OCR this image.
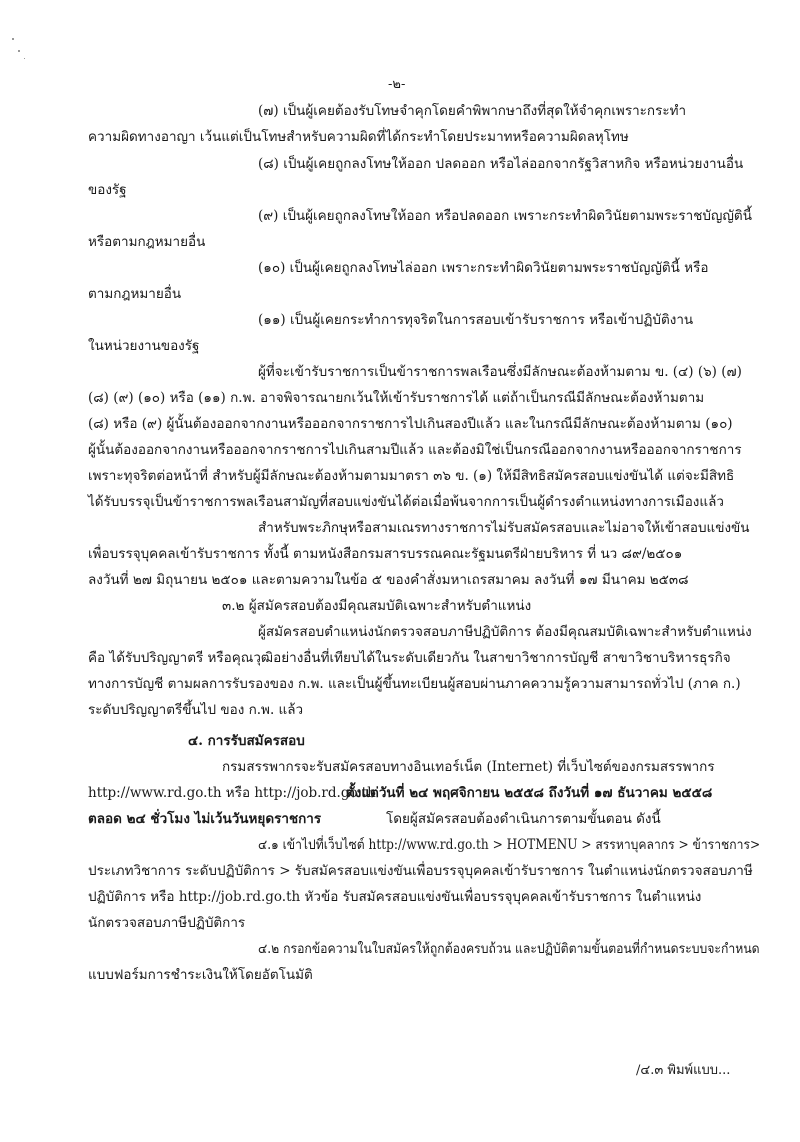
-๒-
(๗) เป็นผู้เคยต้องรับโทษจำคุกโดยคำพิพากษาถึงที่สุดให้จำคุกเพราะกระทำ
ความผิดทางอาญา เว้นแต่เป็นโทษสำหรับความผิดที่ได้กระทำโดยประมาทหรือความผิดลหุโทษ
(๘) เป็นผู้เคยถูกลงโทษให้ออก ปลดออก หรือไล่ออกจากรัฐวิสาหกิจ หรือหน่วยงานอื่น
ของรัฐ
(๙) เป็นผู้เคยถูกลงโทษให้ออก หรือปลดออก เพราะกระทำผิดวินัยตามพระราชบัญญัตินี้
หรือตามกฎหมายอื่น
(๑๐) เป็นผู้เคยถูกลงโทษไล่ออก เพราะกระทำผิดวินัยตามพระราชบัญญัตินี้ หรือ
ตามกฎหมายอื่น
(๑๑) เป็นผู้เคยกระทำการทุจริตในการสอบเข้ารับราชการ หรือเข้าปฏิบัติงาน
ในหน่วยงานของรัฐ
ผู้ที่จะเข้ารับราชการเป็นข้าราชการพลเรือนซึ่งมีลักษณะต้องห้ามตาม ข. (๔) (๖) (๗)
(๘) (๙) (๑๐) หรือ (๑๑) ก.พ. อาจพิจารณายกเว้นให้เข้ารับราชการได้ แต่ถ้าเป็นกรณีมีลักษณะต้องห้ามตาม
(๘) หรือ (๙) ผู้นั้นต้องออกจากงานหรือออกจากราชการไปเกินสองปีแล้ว และในกรณีมีลักษณะต้องห้ามตาม (๑๐)
ผู้นั้นต้องออกจากงานหรือออกจากราชการไปเกินสามปีแล้ว และต้องมิใช่เป็นกรณีออกจากงานหรือออกจากราชการ
เพราะทุจริตต่อหน้าที่ สำหรับผู้มีลักษณะต้องห้ามตามมาตรา ๓๖ ข. (๑) ให้มีสิทธิสมัครสอบแข่งขันได้ แต่จะมีสิทธิ
ได้รับบรรจุเป็นข้าราชการพลเรือนสามัญที่สอบแข่งขันได้ต่อเมื่อพ้นจากการเป็นผู้ดำรงตำแหน่งทางการเมืองแล้ว
สำหรับพระภิกษุหรือสามเณรทางราชการไม่รับสมัครสอบและไม่อาจให้เข้าสอบแข่งขัน
เพื่อบรรจุบุคคลเข้ารับราชการ ทั้งนี้ ตามหนังสือกรมสารบรรณคณะรัฐมนตรีฝ่ายบริหาร ที่ นว ๘๙/๒๕๐๑
ลงวันที่ ๒๗ มิถุนายน ๒๕๐๑ และตามความในข้อ ๕ ของคำสั่งมหาเถรสมาคม ลงวันที่ ๑๗ มีนาคม ๒๕๓๘
๓.๒ ผู้สมัครสอบต้องมีคุณสมบัติเฉพาะสำหรับตำแหน่ง
ผู้สมัครสอบตำแหน่งนักตรวจสอบภาษีปฏิบัติการ ต้องมีคุณสมบัติเฉพาะสำหรับตำแหน่ง
คือ ได้รับปริญญาตรี หรือคุณวุฒิอย่างอื่นที่เทียบได้ในระดับเดียวกัน ในสาขาวิชาการบัญชี สาขาวิชาบริหารธุรกิจ
ทางการบัญชี ตามผลการรับรองของ ก.พ. และเป็นผู้ขึ้นทะเบียนผู้สอบผ่านภาคความรู้ความสามารถทั่วไป (ภาค ก.)
ระดับปริญญาตรีขึ้นไป ของ ก.พ. แล้ว
๔. การรับสมัครสอบ
กรมสรรพากรจะรับสมัครสอบทางอินเทอร์เน็ต (Internet) ที่เว็บไซต์ของกรมสรรพากร
http://www.rd.go.th หรือ http://job.rd.go.th
ตั้งแต่วันที่ ๒๔ พฤศจิกายน ๒๕๕๘ ถึงวันที่ ๑๗ ธันวาคม ๒๕๕๘
ตลอด ๒๔ ชั่วโมง ไม่เว้นวันหยุดราชการ	โดยผู้สมัครสอบต้องดำเนินการตามขั้นตอน ดังนี้
๔.๑ เข้าไปที่เว็บไซต์ http://www.rd.go.th > HOTMENU > สรรหาบุคลากร > ข้าราชการ>
ประเภทวิชาการ ระดับปฏิบัติการ > รับสมัครสอบแข่งขันเพื่อบรรจุบุคคลเข้ารับราชการ ในตำแหน่งนักตรวจสอบภาษี
ปฏิบัติการ หรือ http://job.rd.go.th หัวข้อ รับสมัครสอบแข่งขันเพื่อบรรจุบุคคลเข้ารับราชการ ในตำแหน่ง
นักตรวจสอบภาษีปฏิบัติการ
๔.๒ กรอกข้อความในใบสมัครให้ถูกต้องครบถ้วน และปฏิบัติตามขั้นตอนที่กำหนดระบบจะกำหนด
แบบฟอร์มการชำระเงินให้โดยอัตโนมัติ
/๔.๓ พิมพ์แบบ...
